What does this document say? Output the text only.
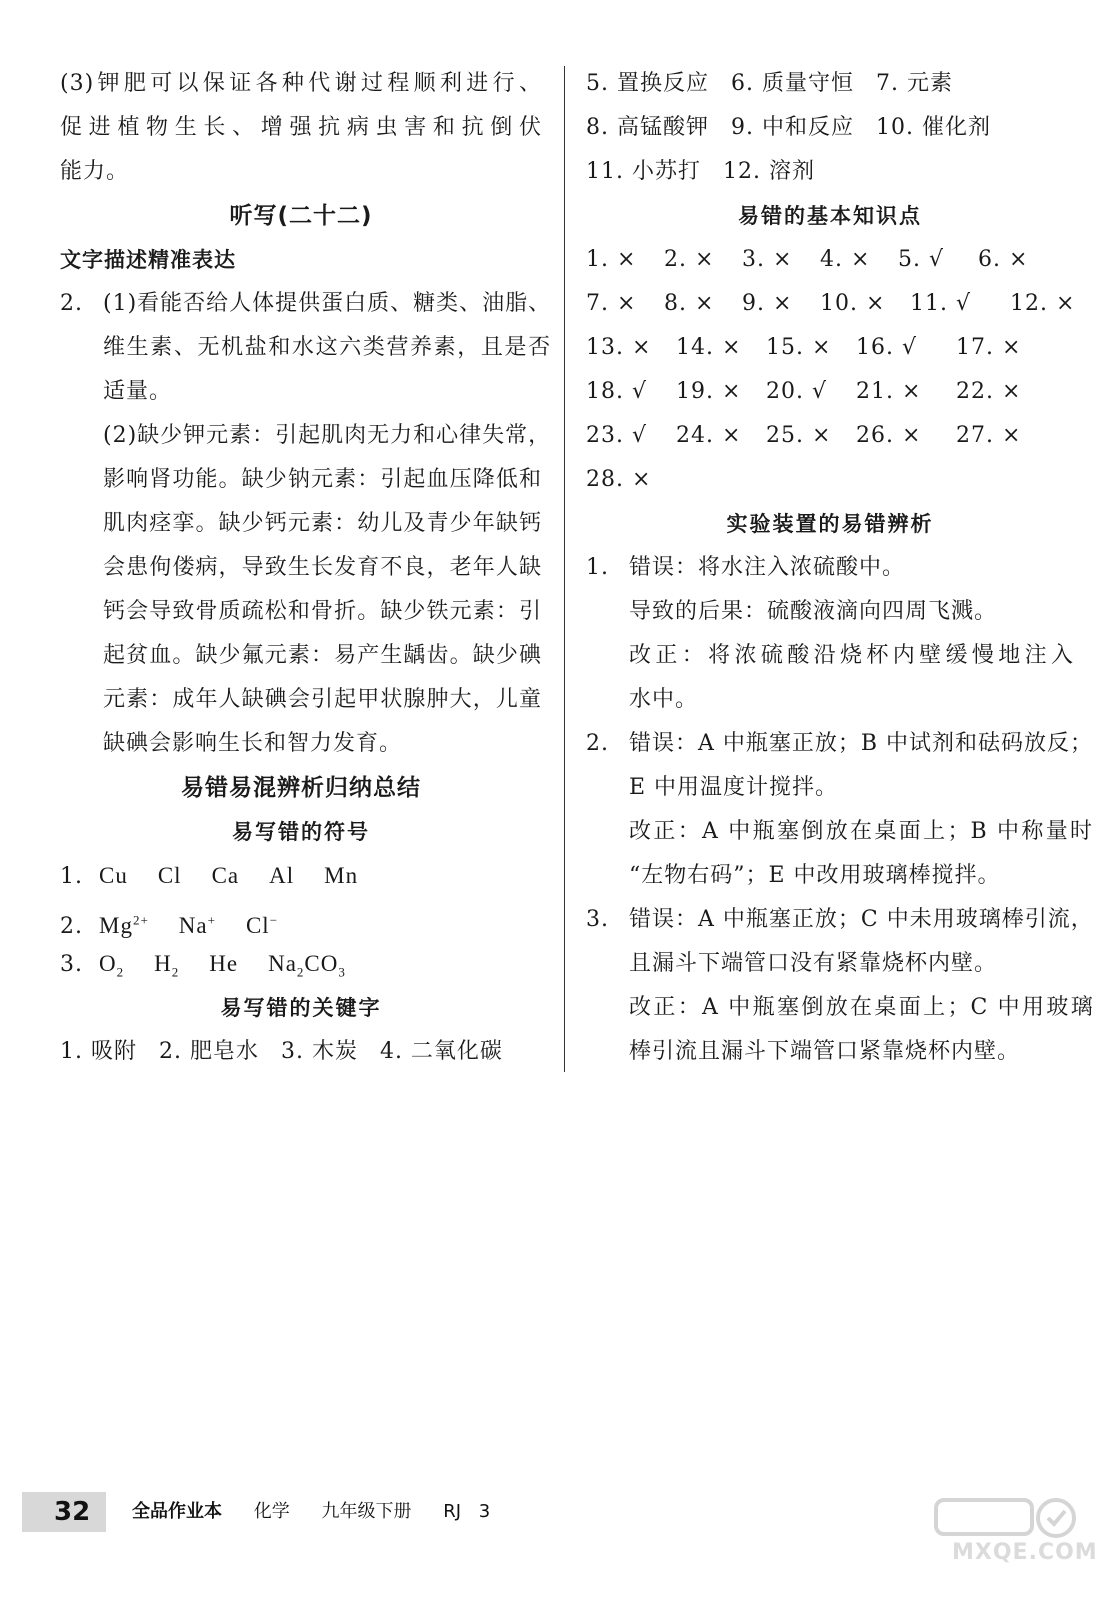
(3)钾肥可以保证各种代谢过程顺利进行、
促进植物生长、增强抗病虫害和抗倒伏
能力。
听写(二十二)
文字描述精准表达
2. (1)看能否给人体提供蛋白质、糖类、油脂、
维生素、无机盐和水这六类营养素，且是否
适量。
(2)缺少钾元素：引起肌肉无力和心律失常，
影响肾功能。缺少钠元素：引起血压降低和
肌肉痉挛。缺少钙元素：幼儿及青少年缺钙
会患佝偻病，导致生长发育不良，老年人缺
钙会导致骨质疏松和骨折。缺少铁元素：引
起贫血。缺少氟元素：易产生龋齿。缺少碘
元素：成年人缺碘会引起甲状腺肿大，儿童
缺碘会影响生长和智力发育。
易错易混辨析归纳总结
易写错的符号
1. Cu Cl Ca Al Mn
2. $Mg^{2+}$ Na+ Cl−
3. $O_2$ $H_2$ He $Na_2CO_3$
易写错的关键字
1. 吸附 2. 肥皂水 3. 木炭 4. 二氧化碳
5. 置换反应 6. 质量守恒 7. 元素
8. 高锰酸钾 9. 中和反应 10. 催化剂
11. 小苏打 12. 溶剂
易错的基本知识点
1. ×	2. ×	3. ×	4. ×	5. √	6. ×
7. ×	8. ×	9. ×	10. ×	11. √	12. ×
13. ×	14. ×	15. ×	16. √	17. ×
18. √	19. ×	20. √	21. ×	22. ×
23. √	24. ×	25. ×	26. ×	27. ×
28. ×
实验装置的易错辨析
1. 错误：将水注入浓硫酸中。
导致的后果：硫酸液滴向四周飞溅。
改正：将浓硫酸沿烧杯内壁缓慢地注入
水中。
2. 错误：A 中瓶塞正放；B 中试剂和砝码放反；
E 中用温度计搅拌。
改正：A 中瓶塞倒放在桌面上；B 中称量时
“左物右码”；E 中改用玻璃棒搅拌。
3. 错误：A 中瓶塞正放；C 中未用玻璃棒引流，
且漏斗下端管口没有紧靠烧杯内壁。
改正：A 中瓶塞倒放在桌面上；C 中用玻璃
棒引流且漏斗下端管口紧靠烧杯内壁。
32 全品作业本 化学 九年级下册 RJ 3
MXQE.COM
